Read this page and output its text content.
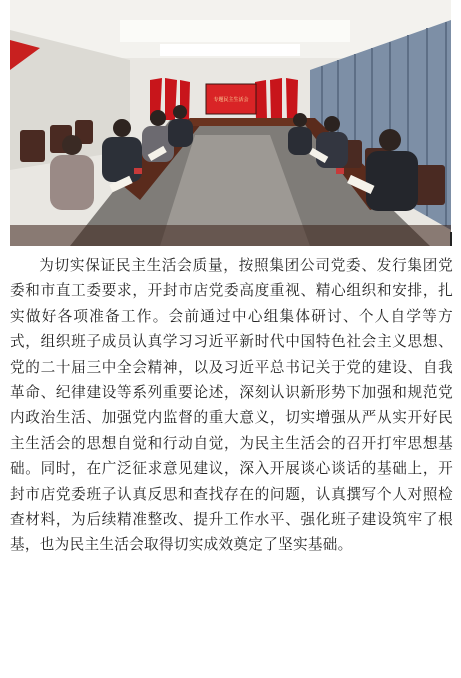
专题民主生活会

为切实保证民主生活会质量，按照集团公司党委、发行集团党委和市直工委要求，开封市店党委高度重视、精心组织和安排，扎实做好各项准备工作。会前通过中心组集体研讨、个人自学等方式，组织班子成员认真学习习近平新时代中国特色社会主义思想、党的二十届三中全会精神，以及习近平总书记关于党的建设、自我革命、纪律建设等系列重要论述，深刻认识新形势下加强和规范党内政治生活、加强党内监督的重大意义，切实增强从严从实开好民主生活会的思想自觉和行动自觉，为民主生活会的召开打牢思想基础。同时，在广泛征求意见建议，深入开展谈心谈话的基础上，开封市店党委班子认真反思和查找存在的问题，认真撰写个人对照检查材料，为后续精准整改、提升工作水平、强化班子建设筑牢了根基，也为民主生活会取得切实成效奠定了坚实基础。
